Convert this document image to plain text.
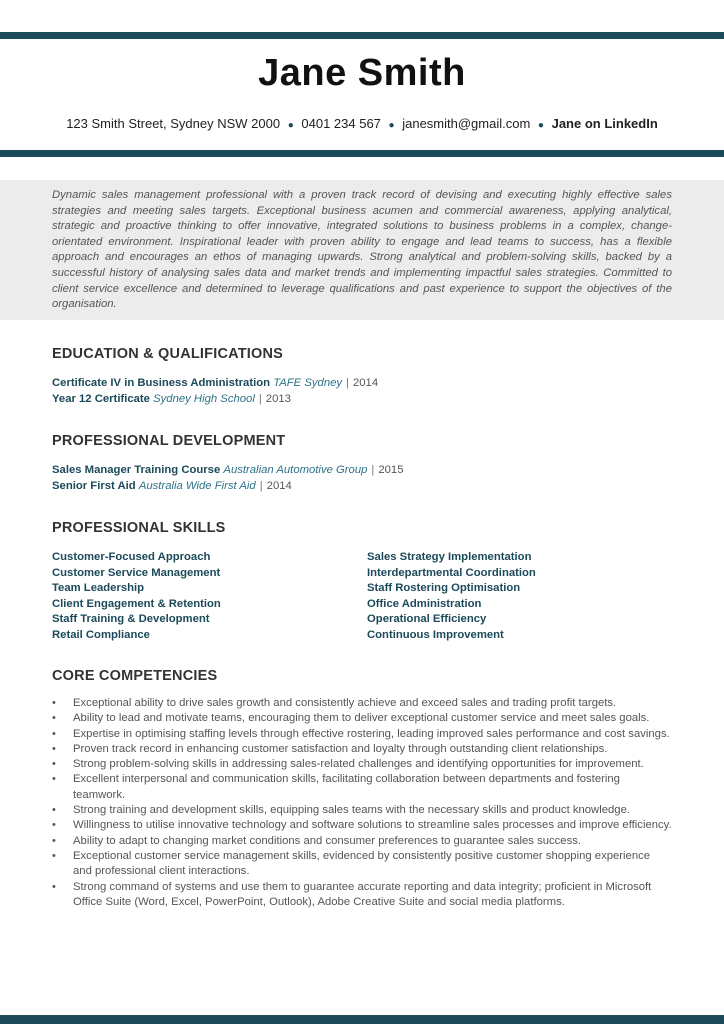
Jane Smith
123 Smith Street, Sydney NSW 2000 ● 0401 234 567 ● janesmith@gmail.com ● Jane on LinkedIn
Dynamic sales management professional with a proven track record of devising and executing highly effective sales strategies and meeting sales targets. Exceptional business acumen and commercial awareness, applying analytical, strategic and proactive thinking to offer innovative, integrated solutions to business problems in a complex, change-orientated environment. Inspirational leader with proven ability to engage and lead teams to success, has a flexible approach and encourages an ethos of managing upwards. Strong analytical and problem-solving skills, backed by a successful history of analysing sales data and market trends and implementing impactful sales strategies. Committed to client service excellence and determined to leverage qualifications and past experience to support the objectives of the organisation.
EDUCATION & QUALIFICATIONS
Certificate IV in Business Administration TAFE Sydney | 2014
Year 12 Certificate Sydney High School | 2013
PROFESSIONAL DEVELOPMENT
Sales Manager Training Course Australian Automotive Group | 2015
Senior First Aid Australia Wide First Aid | 2014
PROFESSIONAL SKILLS
Customer-Focused Approach
Customer Service Management
Team Leadership
Client Engagement & Retention
Staff Training & Development
Retail Compliance
Sales Strategy Implementation
Interdepartmental Coordination
Staff Rostering Optimisation
Office Administration
Operational Efficiency
Continuous Improvement
CORE COMPETENCIES
• Exceptional ability to drive sales growth and consistently achieve and exceed sales and trading profit targets.
• Ability to lead and motivate teams, encouraging them to deliver exceptional customer service and meet sales goals.
• Expertise in optimising staffing levels through effective rostering, leading improved sales performance and cost savings.
• Proven track record in enhancing customer satisfaction and loyalty through outstanding client relationships.
• Strong problem-solving skills in addressing sales-related challenges and identifying opportunities for improvement.
• Excellent interpersonal and communication skills, facilitating collaboration between departments and fostering teamwork.
• Strong training and development skills, equipping sales teams with the necessary skills and product knowledge.
• Willingness to utilise innovative technology and software solutions to streamline sales processes and improve efficiency.
• Ability to adapt to changing market conditions and consumer preferences to guarantee sales success.
• Exceptional customer service management skills, evidenced by consistently positive customer shopping experience and professional client interactions.
• Strong command of systems and use them to guarantee accurate reporting and data integrity; proficient in Microsoft Office Suite (Word, Excel, PowerPoint, Outlook), Adobe Creative Suite and social media platforms.
